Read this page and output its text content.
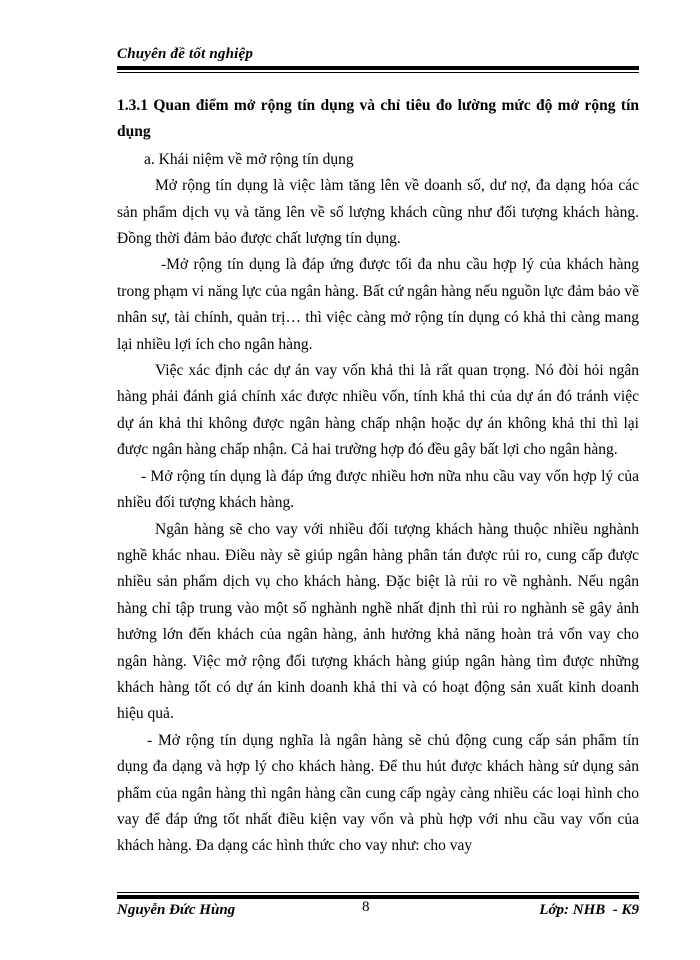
Chuyên đề tốt nghiệp

1.3.1 Quan điểm mở rộng tín dụng và chỉ tiêu đo lường mức độ mở rộng tín dụng

a. Khái niệm về mở rộng tín dụng

Mở rộng tín dụng là việc làm tăng lên về doanh số, dư nợ, đa dạng hóa các sản phẩm dịch vụ và tăng lên về số lượng khách cũng như đối tượng khách hàng. Đồng thời đảm bảo được chất lượng tín dụng.

-Mở rộng tín dụng là đáp ứng được tối đa nhu cầu hợp lý của khách hàng trong phạm vi năng lực của ngân hàng. Bất cứ ngân hàng nếu nguồn lực đảm bảo về nhân sự, tài chính, quản trị… thì việc càng mở rộng tín dụng có khả thi càng mang lại nhiều lợi ích cho ngân hàng.

Việc xác định các dự án vay vốn khả thi là rất quan trọng. Nó đòi hỏi ngân hàng phải đánh giá chính xác được nhiều vốn, tính khả thi của dự án đó tránh việc dự án khả thi không được ngân hàng chấp nhận hoặc dự án không khả thi thì lại được ngân hàng chấp nhận. Cả hai trường hợp đó đều gây bất lợi cho ngân hàng.

- Mở rộng tín dụng là đáp ứng được nhiều hơn nữa nhu cầu vay vốn hợp lý của nhiều đối tượng khách hàng.

Ngân hàng sẽ cho vay với nhiều đối tượng khách hàng thuộc nhiều nghành nghề khác nhau. Điều này sẽ giúp ngân hàng phân tán được rủi ro, cung cấp được nhiều sản phẩm dịch vụ cho khách hàng. Đặc biệt là rủi ro về nghành. Nếu ngân hàng chỉ tập trung vào một số nghành nghề nhất định thì rủi ro nghành sẽ gây ảnh hưởng lớn đến khách của ngân hàng, ảnh hưởng khả năng hoàn trả vốn vay cho ngân hàng. Việc mở rộng đối tượng khách hàng giúp ngân hàng tìm được những khách hàng tốt có dự án kinh doanh khả thi và có hoạt động sản xuất kinh doanh hiệu quả.

- Mở rộng tín dụng nghĩa là ngân hàng sẽ chủ động cung cấp sản phẩm tín dụng đa dạng và hợp lý cho khách hàng. Để thu hút được khách hàng sử dụng sản phẩm của ngân hàng thì ngân hàng cần cung cấp ngày càng nhiều các loại hình cho vay để đáp ứng tốt nhất điều kiện vay vốn và phù hợp với nhu cầu vay vốn của khách hàng. Đa dạng các hình thức cho vay như: cho vay

Nguyễn Đức Hùng	8	Lớp: NHB  - K9
